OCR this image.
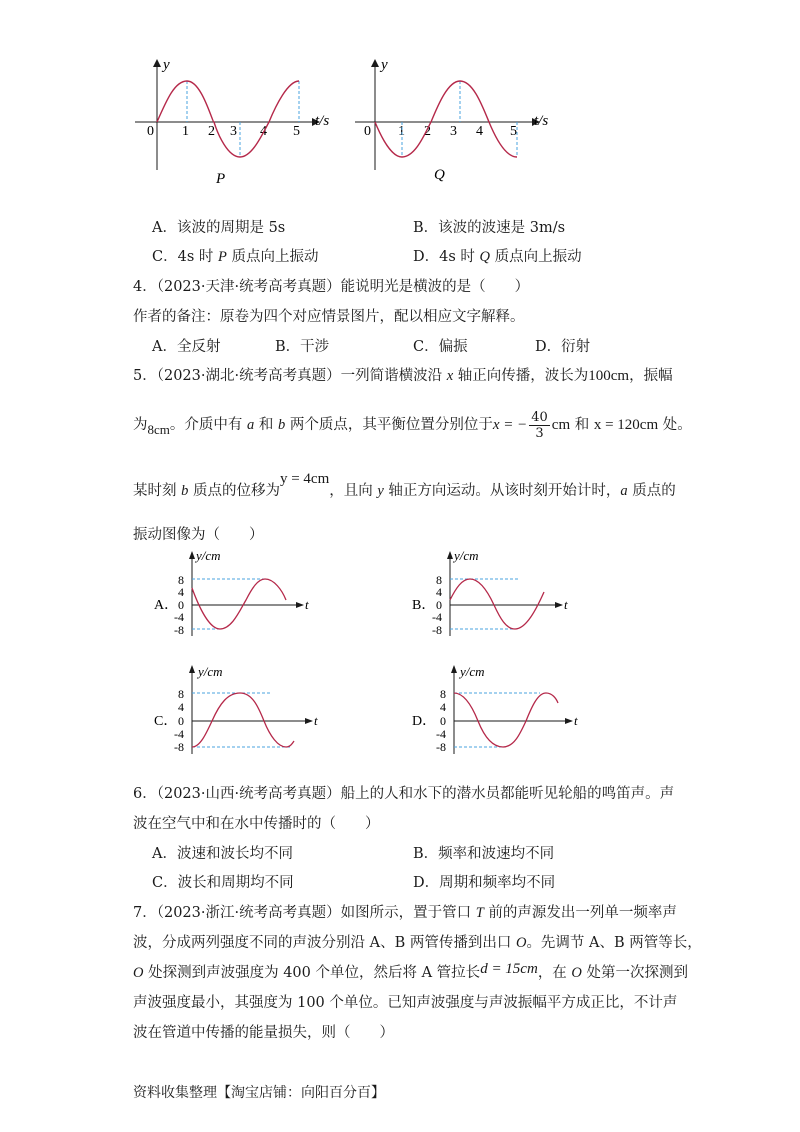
y
t/s
0 1 2 3 4 5
P
y
t/s
0 1 2 3 4 5
Q
A．该波的周期是 5s	B．该波的波速是 3m/s
C．4s 时 P 质点向上振动	D．4s 时 Q 质点向上振动
4．（2023·天津·统考高考真题）能说明光是横波的是（　　）
作者的备注：原卷为四个对应情景图片，配以相应文字解释。
A．全反射	B．干涉	C．偏振	D．衍射
5．（2023·湖北·统考高考真题）一列简谐横波沿 x 轴正向传播，波长为100cm，振幅
为8cm。介质中有 a 和 b 两个质点，其平衡位置分别位于x = − $\frac{40}{3}$ cm 和 x = 120cm 处。
某时刻 b 质点的位移为y = 4cm，且向 y 轴正方向运动。从该时刻开始计时，a 质点的
振动图像为（　　）
y/cm
t
8
4
0
-4
-8
A．
y/cm
t
8
4
0
-4
-8
B．
y/cm
t
8
4
0
-4
-8
C．
y/cm
t
8
4
0
-4
-8
D．
6．（2023·山西·统考高考真题）船上的人和水下的潜水员都能听见轮船的鸣笛声。声
波在空气中和在水中传播时的（　　）
A．波速和波长均不同	B．频率和波速均不同
C．波长和周期均不同	D．周期和频率均不同
7．（2023·浙江·统考高考真题）如图所示，置于管口 T 前的声源发出一列单一频率声
波，分成两列强度不同的声波分别沿 A、B 两管传播到出口 O。先调节 A、B 两管等长，
O 处探测到声波强度为 400 个单位，然后将 A 管拉长d = 15cm，在 O 处第一次探测到
声波强度最小，其强度为 100 个单位。已知声波强度与声波振幅平方成正比，不计声
波在管道中传播的能量损失，则（　　）
资料收集整理【淘宝店铺：向阳百分百】
